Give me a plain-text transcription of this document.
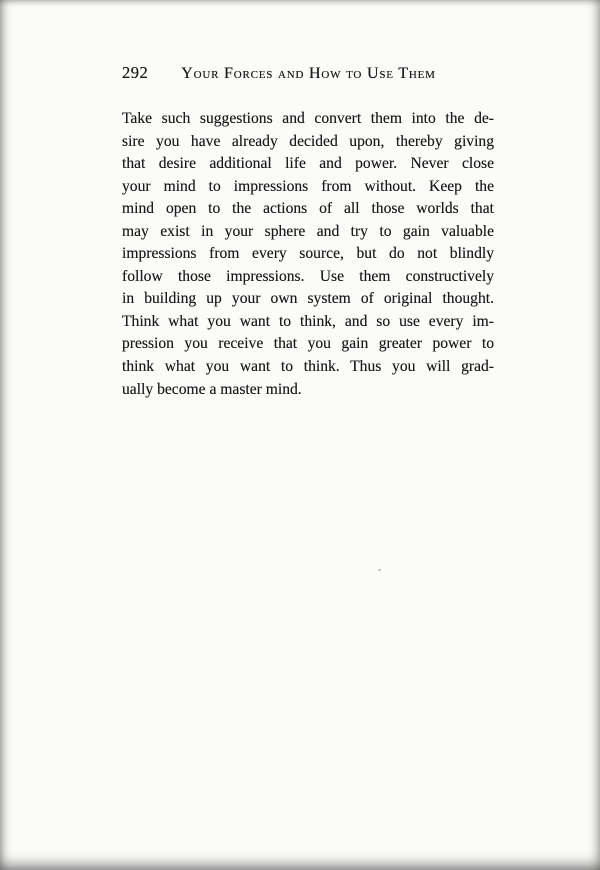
292 Your Forces and How to Use Them
Take such suggestions and convert them into the de-
sire you have already decided upon, thereby giving
that desire additional life and power. Never close
your mind to impressions from without. Keep the
mind open to the actions of all those worlds that
may exist in your sphere and try to gain valuable
impressions from every source, but do not blindly
follow those impressions. Use them constructively
in building up your own system of original thought.
Think what you want to think, and so use every im-
pression you receive that you gain greater power to
think what you want to think. Thus you will grad-
ually become a master mind.
